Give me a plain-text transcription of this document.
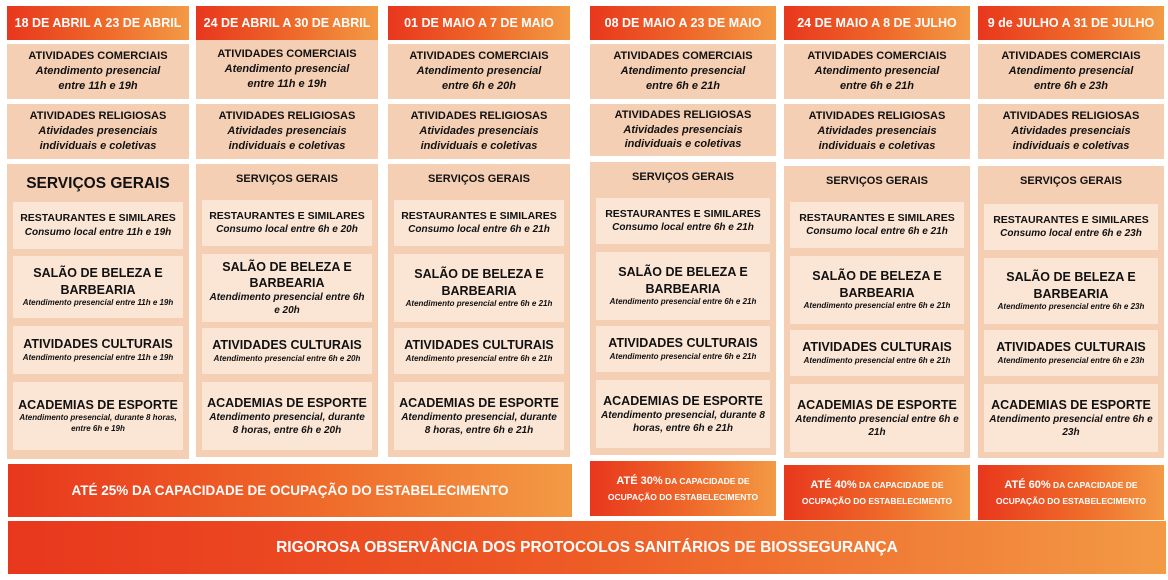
18 DE ABRIL A 23 DE ABRIL
ATIVIDADES COMERCIAIS
Atendimento presencial
entre 11h e 19h
ATIVIDADES RELIGIOSAS
Atividades presenciais
individuais e coletivas
SERVIÇOS GERAIS
RESTAURANTES E SIMILARES
Consumo local entre 11h e 19h
SALÃO DE BELEZA E BARBEARIA
Atendimento presencial entre 11h e 19h
ATIVIDADES CULTURAIS
Atendimento presencial entre 11h e 19h
ACADEMIAS DE ESPORTE
Atendimento presencial, durante 8 horas, entre 6h e 19h
24 DE ABRIL A 30 DE ABRIL
ATIVIDADES COMERCIAIS
Atendimento presencial
entre 11h e 19h
ATIVIDADES RELIGIOSAS
Atividades presenciais
individuais e coletivas
SERVIÇOS GERAIS
RESTAURANTES E SIMILARES
Consumo local entre 6h e 20h
SALÃO DE BELEZA E BARBEARIA
Atendimento presencial entre 6h e 20h
ATIVIDADES CULTURAIS
Atendimento presencial entre 6h e 20h
ACADEMIAS DE ESPORTE
Atendimento presencial, durante 8 horas, entre 6h e 20h
01 DE MAIO A 7 DE MAIO
ATIVIDADES COMERCIAIS
Atendimento presencial
entre 6h e 20h
ATIVIDADES RELIGIOSAS
Atividades presenciais
individuais e coletivas
SERVIÇOS GERAIS
RESTAURANTES E SIMILARES
Consumo local entre 6h e 21h
SALÃO DE BELEZA E BARBEARIA
Atendimento presencial entre 6h e 21h
ATIVIDADES CULTURAIS
Atendimento presencial entre 6h e 21h
ACADEMIAS DE ESPORTE
Atendimento presencial, durante 8 horas, entre 6h e 21h
08 DE MAIO A 23 DE MAIO
ATIVIDADES COMERCIAIS
Atendimento presencial
entre 6h e 21h
ATIVIDADES RELIGIOSAS
Atividades presenciais
individuais e coletivas
SERVIÇOS GERAIS
RESTAURANTES E SIMILARES
Consumo local entre 6h e 21h
SALÃO DE BELEZA E BARBEARIA
Atendimento presencial entre 6h e 21h
ATIVIDADES CULTURAIS
Atendimento presencial entre 6h e 21h
ACADEMIAS DE ESPORTE
Atendimento presencial, durante 8 horas, entre 6h e 21h
24 DE MAIO A 8 DE JULHO
ATIVIDADES COMERCIAIS
Atendimento presencial
entre 6h e 21h
ATIVIDADES RELIGIOSAS
Atividades presenciais
individuais e coletivas
SERVIÇOS GERAIS
RESTAURANTES E SIMILARES
Consumo local entre 6h e 21h
SALÃO DE BELEZA E BARBEARIA
Atendimento presencial entre 6h e 21h
ATIVIDADES CULTURAIS
Atendimento presencial entre 6h e 21h
ACADEMIAS DE ESPORTE
Atendimento presencial entre 6h e 21h
9 de JULHO A 31 DE JULHO
ATIVIDADES COMERCIAIS
Atendimento presencial
entre 6h e 23h
ATIVIDADES RELIGIOSAS
Atividades presenciais
individuais e coletivas
SERVIÇOS GERAIS
RESTAURANTES E SIMILARES
Consumo local entre 6h e 23h
SALÃO DE BELEZA E BARBEARIA
Atendimento presencial entre 6h e 23h
ATIVIDADES CULTURAIS
Atendimento presencial entre 6h e 23h
ACADEMIAS DE ESPORTE
Atendimento presencial entre 6h e 23h
ATÉ 25% DA CAPACIDADE DE OCUPAÇÃO DO ESTABELECIMENTO
ATÉ 30% DA CAPACIDADE DE
OCUPAÇÃO DO ESTABELECIMENTO
ATÉ 40% DA CAPACIDADE DE
OCUPAÇÃO DO ESTABELECIMENTO
ATÉ 60% DA CAPACIDADE DE
OCUPAÇÃO DO ESTABELECIMENTO
RIGOROSA OBSERVÂNCIA DOS PROTOCOLOS SANITÁRIOS DE BIOSSEGURANÇA
